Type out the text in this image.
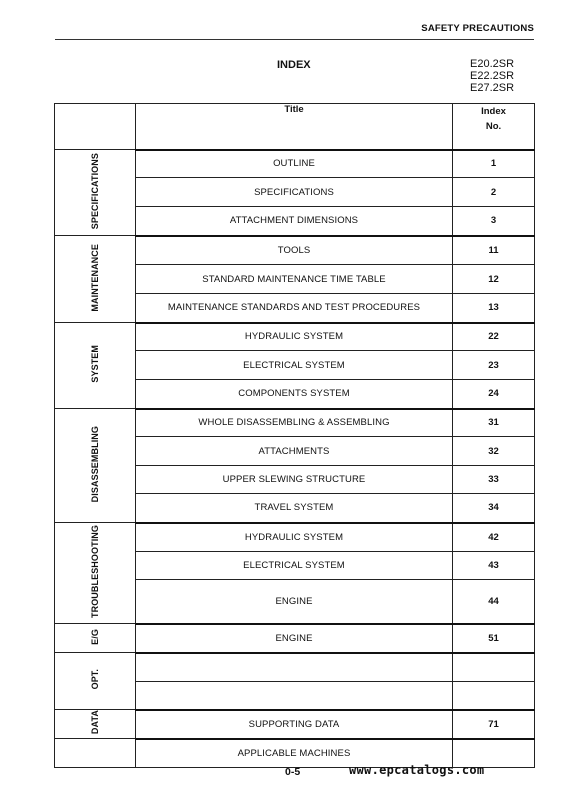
SAFETY PRECAUTIONS
INDEX	E20.2SR
E22.2SR
E27.2SR
	Title	Index
No.

SPECIFICATIONS	OUTLINE	1
	SPECIFICATIONS	2
	ATTACHMENT DIMENSIONS	3
MAINTENANCE	TOOLS	11
	STANDARD MAINTENANCE TIME TABLE	12
	MAINTENANCE STANDARDS AND TEST PROCEDURES	13
SYSTEM	HYDRAULIC SYSTEM	22
	ELECTRICAL SYSTEM	23
	COMPONENTS SYSTEM	24
DISASSEMBLING	WHOLE DISASSEMBLING & ASSEMBLING	31
	ATTACHMENTS	32
	UPPER SLEWING STRUCTURE	33
	TRAVEL SYSTEM	34
TROUBLESHOOTING	HYDRAULIC SYSTEM	42
	ELECTRICAL SYSTEM	43
	ENGINE	44
E/G	ENGINE	51
OPT.		

DATA	SUPPORTING DATA	71
	APPLICABLE MACHINES	
0-5	www.epcatalogs.com
